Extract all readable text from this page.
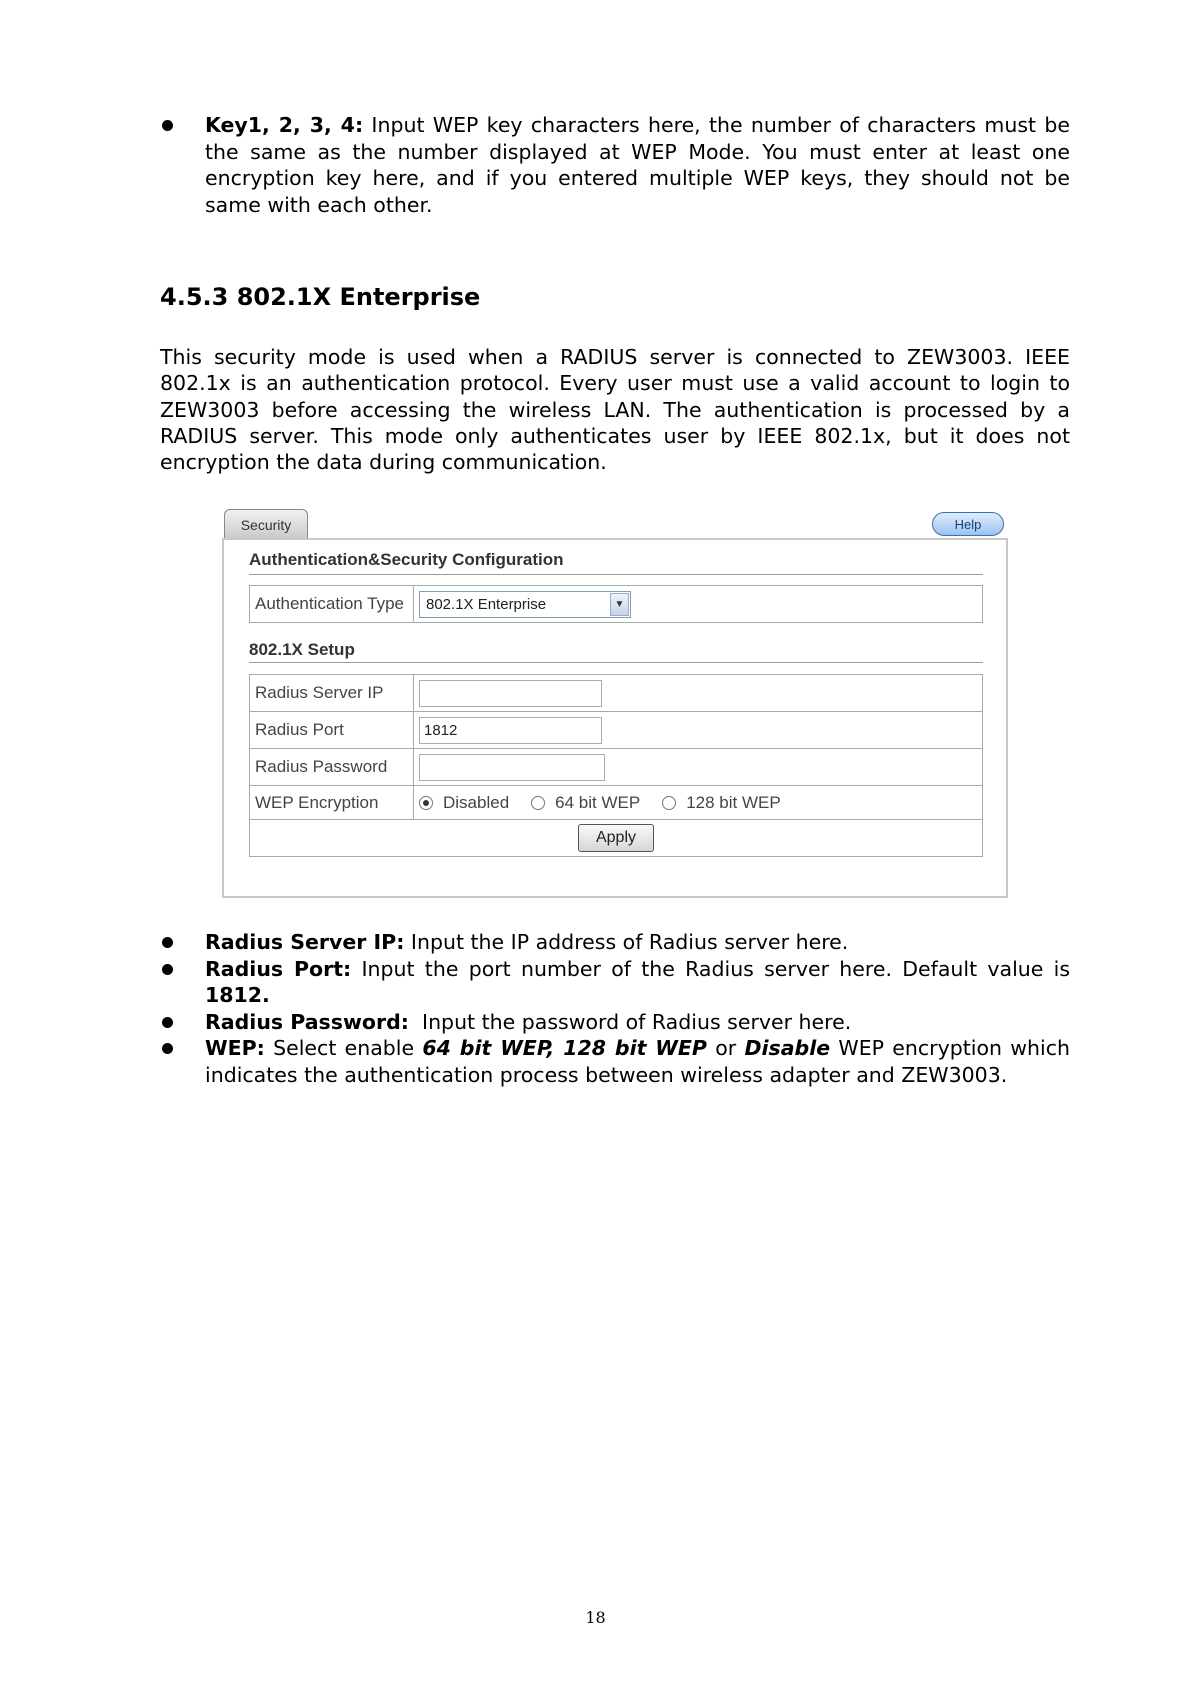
Key1, 2, 3, 4: Input WEP key characters here, the number of characters must be the same as the number displayed at WEP Mode. You must enter at least one encryption key here, and if you entered multiple WEP keys, they should not be same with each other.
4.5.3 802.1X Enterprise

This security mode is used when a RADIUS server is connected to ZEW3003. IEEE 802.1x is an authentication protocol. Every user must use a valid account to login to ZEW3003 before accessing the wireless LAN. The authentication is processed by a RADIUS server. This mode only authenticates user by IEEE 802.1x, but it does not encryption the data during communication.

Security	Help
Authentication&Security Configuration
Authentication Type	802.1X Enterprise	▼
802.1X Setup
Radius Server IP	
Radius Port	1812
Radius Password	
WEP Encryption	Disabled 64 bit WEP 128 bit WEP

Apply	
Radius Server IP: Input the IP address of Radius server here.
Radius Port: Input the port number of the Radius server here. Default value is 1812.
Radius Password:  Input the password of Radius server here.
WEP: Select enable 64 bit WEP, 128 bit WEP or Disable WEP encryption which indicates the authentication process between wireless adapter and ZEW3003.
18
